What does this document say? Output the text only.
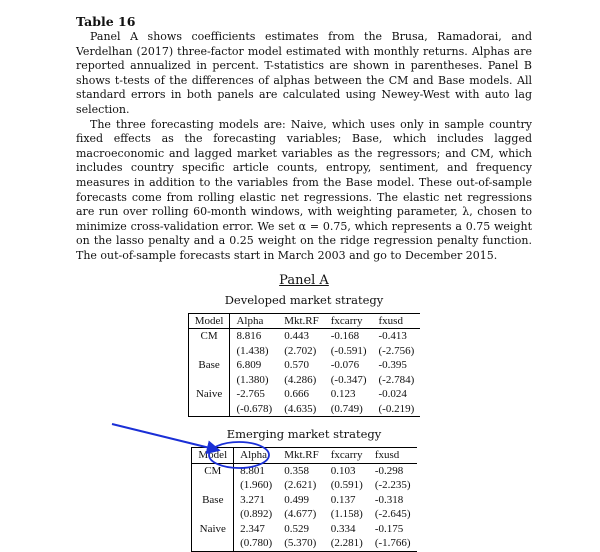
Table 16

Panel A shows coefficients estimates from the Brusa, Ramadorai, and Verdelhan (2017) three-factor model estimated with monthly returns. Alphas are reported annualized in percent. T-statistics are shown in parentheses. Panel B shows t-tests of the differences of alphas between the CM and Base models. All standard errors in both panels are calculated using Newey-West with auto lag selection.

The three forecasting models are: Naive, which uses only in sample country fixed effects as the forecasting variables; Base, which includes lagged macroeconomic and lagged market variables as the regressors; and CM, which includes country specific article counts, entropy, sentiment, and frequency measures in addition to the variables from the Base model. These out-of-sample forecasts come from rolling elastic net regressions. The elastic net regressions are run over rolling 60-month windows, with weighting parameter, λ, chosen to minimize cross-validation error. We set α = 0.75, which represents a 0.75 weight on the lasso penalty and a 0.25 weight on the ridge regression penalty function. The out-of-sample forecasts start in March 2003 and go to December 2015.

Panel A
Developed market strategy
Model	Alpha	Mkt.RF	fxcarry	fxusd
CM	8.816	0.443	-0.168	-0.413
	(1.438)	(2.702)	(-0.591)	(-2.756)
Base	6.809	0.570	-0.076	-0.395
	(1.380)	(4.286)	(-0.347)	(-2.784)
Naive	-2.765	0.666	0.123	-0.024
	(-0.678)	(4.635)	(0.749)	(-0.219)
Emerging market strategy
Model	Alpha	Mkt.RF	fxcarry	fxusd
CM	8.801	0.358	0.103	-0.298
	(1.960)	(2.621)	(0.591)	(-2.235)
Base	3.271	0.499	0.137	-0.318
	(0.892)	(4.677)	(1.158)	(-2.645)
Naive	2.347	0.529	0.334	-0.175
	(0.780)	(5.370)	(2.281)	(-1.766)
